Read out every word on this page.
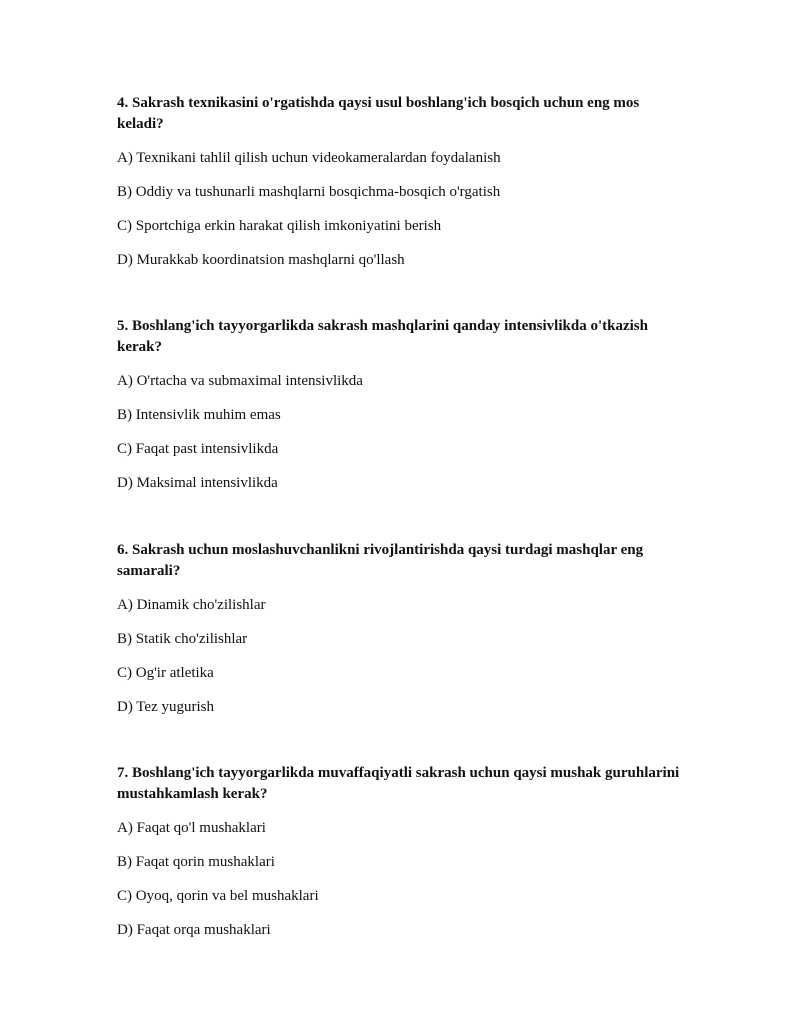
4. Sakrash texnikasini o'rgatishda qaysi usul boshlang'ich bosqich uchun eng mos keladi?

A) Texnikani tahlil qilish uchun videokameralardan foydalanish

B) Oddiy va tushunarli mashqlarni bosqichma-bosqich o'rgatish

C) Sportchiga erkin harakat qilish imkoniyatini berish

D) Murakkab koordinatsion mashqlarni qo'llash

5. Boshlang'ich tayyorgarlikda sakrash mashqlarini qanday intensivlikda o'tkazish kerak?

A) O'rtacha va submaximal intensivlikda

B) Intensivlik muhim emas

C) Faqat past intensivlikda

D) Maksimal intensivlikda

6. Sakrash uchun moslashuvchanlikni rivojlantirishda qaysi turdagi mashqlar eng samarali?

A) Dinamik cho'zilishlar

B) Statik cho'zilishlar

C) Og'ir atletika

D) Tez yugurish

7. Boshlang'ich tayyorgarlikda muvaffaqiyatli sakrash uchun qaysi mushak guruhlarini mustahkamlash kerak?

A) Faqat qo'l mushaklari

B) Faqat qorin mushaklari

C) Oyoq, qorin va bel mushaklari

D) Faqat orqa mushaklari
